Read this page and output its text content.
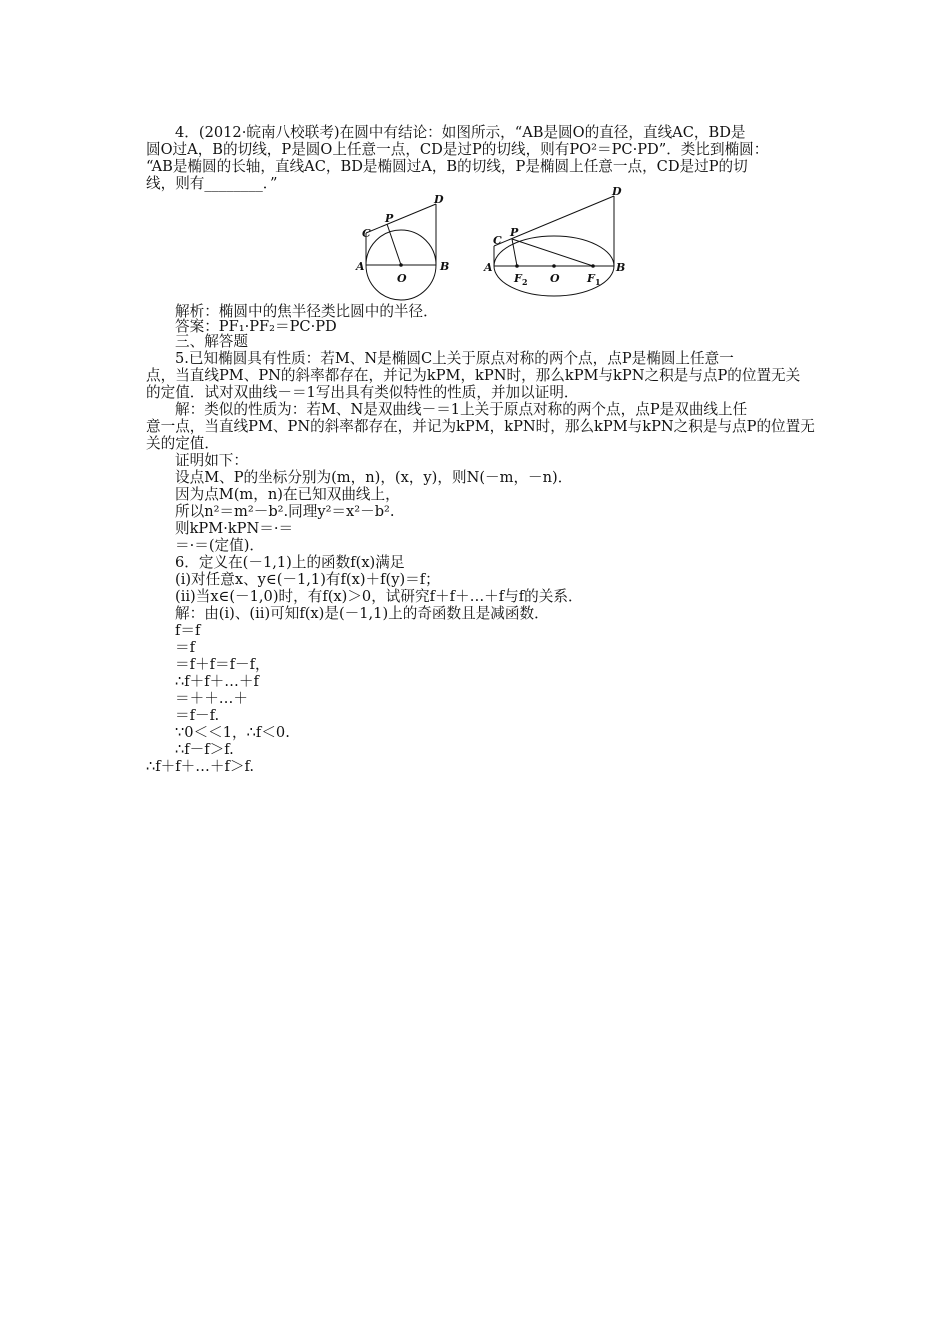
4．(2012·皖南八校联考)在圆中有结论：如图所示，“AB是圆O的直径，直线AC，BD是
圆O过A，B的切线，P是圆O上任意一点，CD是过P的切线，则有PO²＝PC·PD”．类比到椭圆：
“AB是椭圆的长轴，直线AC，BD是椭圆过A，B的切线，P是椭圆上任意一点，CD是过P的切
线，则有________．”
C
P
D
A
O
B
C
P
D
A
F 2 O F 1
B
解析：椭圆中的焦半径类比圆中的半径．
答案：PF₁·PF₂＝PC·PD
三、解答题
5.已知椭圆具有性质：若M、N是椭圆C上关于原点对称的两个点，点P是椭圆上任意一
点，当直线PM、PN的斜率都存在，并记为kPM，kPN时，那么kPM与kPN之积是与点P的位置无关
的定值．试对双曲线－＝1写出具有类似特性的性质，并加以证明．
解：类似的性质为：若M、N是双曲线－＝1上关于原点对称的两个点，点P是双曲线上任
意一点，当直线PM、PN的斜率都存在，并记为kPM，kPN时，那么kPM与kPN之积是与点P的位置无
关的定值．
证明如下：
设点M、P的坐标分别为(m，n)，(x，y)，则N(－m，－n)．
因为点M(m，n)在已知双曲线上，
所以n²＝m²－b².同理y²＝x²－b².
则kPM·kPN＝·＝
＝·＝(定值)．
6．定义在(－1,1)上的函数f(x)满足
(ⅰ)对任意x、y∈(－1,1)有f(x)＋f(y)＝f；
(ⅱ)当x∈(－1,0)时，有f(x)＞0，试研究f＋f＋…＋f与f的关系．
解：由(ⅰ)、(ⅱ)可知f(x)是(－1,1)上的奇函数且是减函数．
f＝f
＝f
＝f＋f＝f－f，
∴f＋f＋…＋f
＝＋＋…＋
＝f－f.
∵0＜＜1，∴f＜0.
∴f－f＞f.
∴f＋f＋…＋f＞f.
